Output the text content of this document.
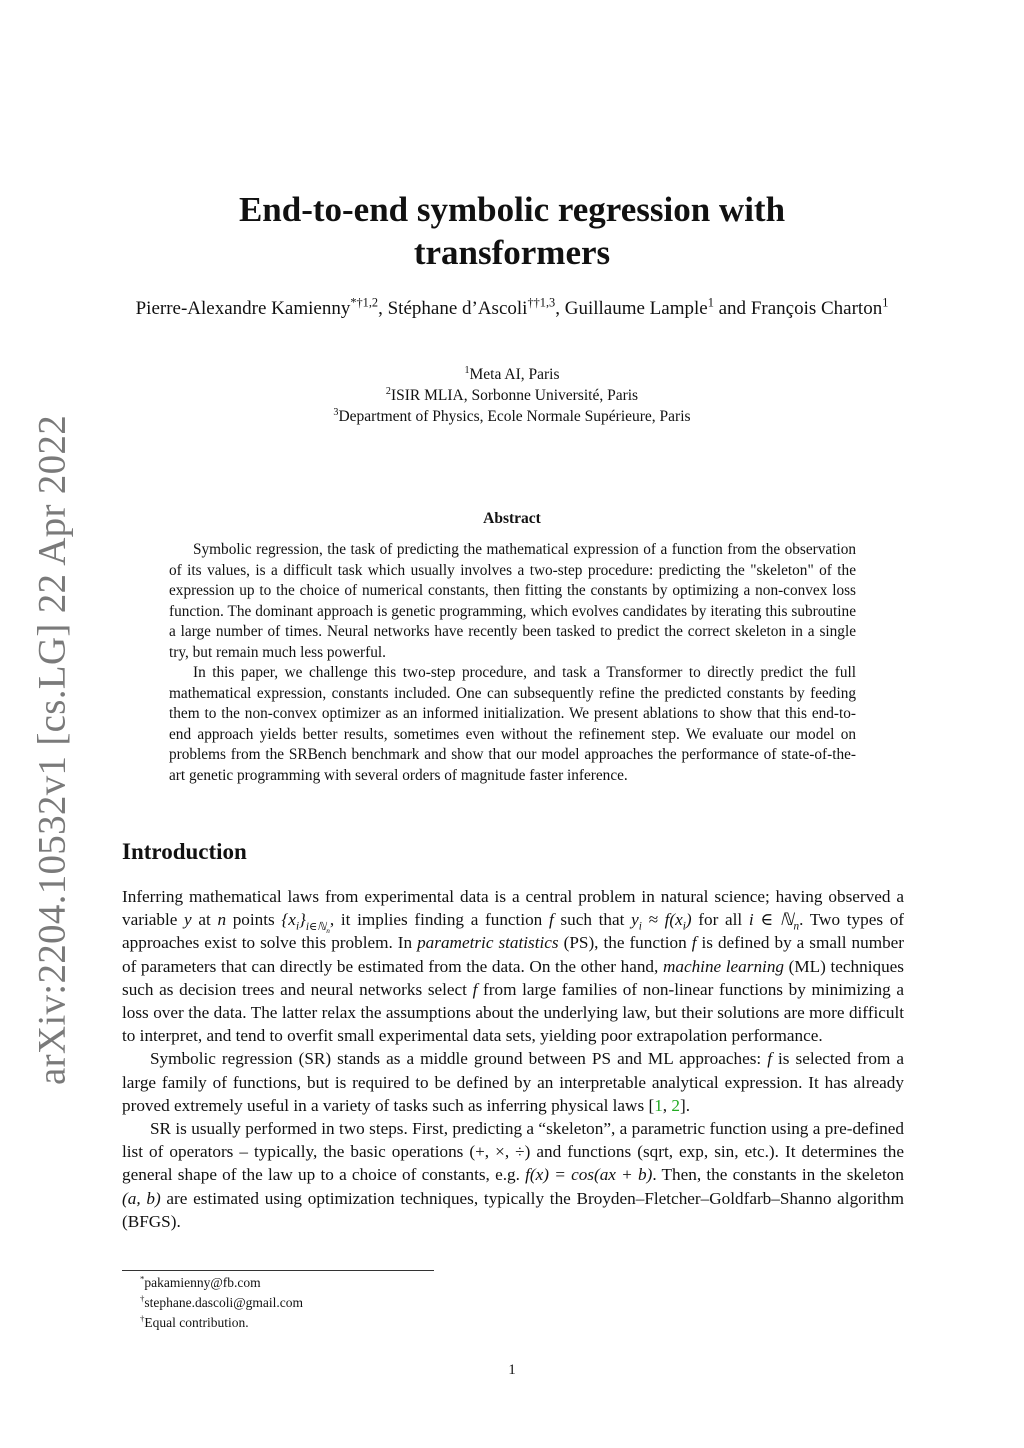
arXiv:2204.10532v1 [cs.LG] 22 Apr 2022
End-to-end symbolic regression with transformers
Pierre-Alexandre Kamienny$^{*\dagger 1,2}$, Stéphane d’Ascoli$^{\dagger\dagger 1,3}$, Guillaume Lample$^1$ and François Charton$^1$
$^1$Meta AI, Paris
$^2$ISIR MLIA, Sorbonne Université, Paris
$^3$Department of Physics, Ecole Normale Supérieure, Paris
Abstract

Symbolic regression, the task of predicting the mathematical expression of a function from the observation of its values, is a difficult task which usually involves a two-step procedure: predicting the "skeleton" of the expression up to the choice of numerical constants, then fitting the constants by optimizing a non-convex loss function. The dominant approach is genetic programming, which evolves candidates by iterating this subroutine a large number of times. Neural networks have recently been tasked to predict the correct skeleton in a single try, but remain much less powerful.

In this paper, we challenge this two-step procedure, and task a Transformer to directly predict the full mathematical expression, constants included. One can subsequently refine the predicted constants by feeding them to the non-convex optimizer as an informed initialization. We present ablations to show that this end-to-end approach yields better results, sometimes even without the refinement step. We evaluate our model on problems from the SRBench benchmark and show that our model approaches the performance of state-of-the-art genetic programming with several orders of magnitude faster inference.

Introduction

Inferring mathematical laws from experimental data is a central problem in natural science; having observed a variable y at n points $\{x_i\}_{i\in ℕ_n}$, it implies finding a function f such that $y_i \approx f(x_i)$ for all i ∈ ℕ$_n$. Two types of approaches exist to solve this problem. In parametric statistics (PS), the function f is defined by a small number of parameters that can directly be estimated from the data. On the other hand, machine learning (ML) techniques such as decision trees and neural networks select f from large families of non-linear functions by minimizing a loss over the data. The latter relax the assumptions about the underlying law, but their solutions are more difficult to interpret, and tend to overfit small experimental data sets, yielding poor extrapolation performance.

Symbolic regression (SR) stands as a middle ground between PS and ML approaches: f is selected from a large family of functions, but is required to be defined by an interpretable analytical expression. It has already proved extremely useful in a variety of tasks such as inferring physical laws [1, 2].

SR is usually performed in two steps. First, predicting a “skeleton”, a parametric function using a pre-defined list of operators – typically, the basic operations (+, ×, ÷) and functions (sqrt, exp, sin, etc.). It determines the general shape of the law up to a choice of constants, e.g. f(x) = cos(ax + b). Then, the constants in the skeleton (a, b) are estimated using optimization techniques, typically the Broyden–Fletcher–Goldfarb–Shanno algorithm (BFGS).

*pakamienny@fb.com
†stephane.dascoli@gmail.com
†Equal contribution.
1
